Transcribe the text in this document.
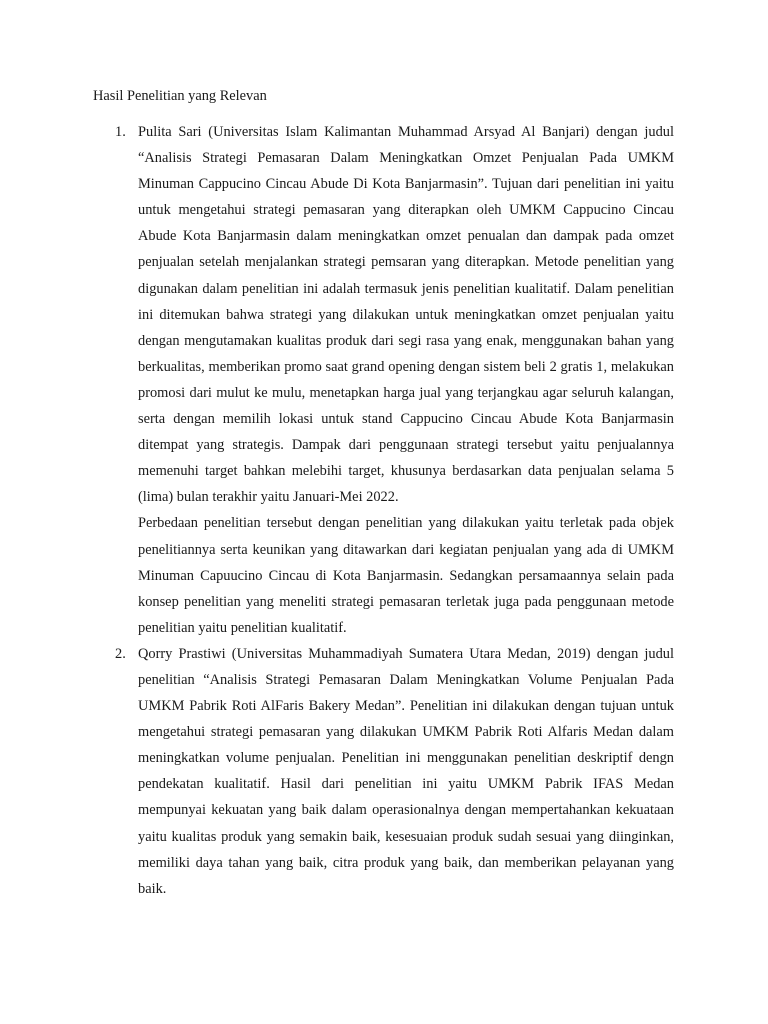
Hasil Penelitian yang Relevan

1. Pulita Sari (Universitas Islam Kalimantan Muhammad Arsyad Al Banjari) dengan judul “Analisis Strategi Pemasaran Dalam Meningkatkan Omzet Penjualan Pada UMKM Minuman Cappucino Cincau Abude Di Kota Banjarmasin”. Tujuan dari penelitian ini yaitu untuk mengetahui strategi pemasaran yang diterapkan oleh UMKM Cappucino Cincau Abude Kota Banjarmasin dalam meningkatkan omzet penualan dan dampak pada omzet penjualan setelah menjalankan strategi pemsaran yang diterapkan. Metode penelitian yang digunakan dalam penelitian ini adalah termasuk jenis penelitian kualitatif. Dalam penelitian ini ditemukan bahwa strategi yang dilakukan untuk meningkatkan omzet penjualan yaitu dengan mengutamakan kualitas produk dari segi rasa yang enak, menggunakan bahan yang berkualitas, memberikan promo saat grand opening dengan sistem beli 2 gratis 1, melakukan promosi dari mulut ke mulu, menetapkan harga jual yang terjangkau agar seluruh kalangan, serta dengan memilih lokasi untuk stand Cappucino Cincau Abude Kota Banjarmasin ditempat yang strategis. Dampak dari penggunaan strategi tersebut yaitu penjualannya memenuhi target bahkan melebihi target, khusunya berdasarkan data penjualan selama 5 (lima) bulan terakhir yaitu Januari-Mei 2022.

Perbedaan penelitian tersebut dengan penelitian yang dilakukan yaitu terletak pada objek penelitiannya serta keunikan yang ditawarkan dari kegiatan penjualan yang ada di UMKM Minuman Capuucino Cincau di Kota Banjarmasin. Sedangkan persamaannya selain pada konsep penelitian yang meneliti strategi pemasaran terletak juga pada penggunaan metode penelitian yaitu penelitian kualitatif.

2. Qorry Prastiwi (Universitas Muhammadiyah Sumatera Utara Medan, 2019) dengan judul penelitian “Analisis Strategi Pemasaran Dalam Meningkatkan Volume Penjualan Pada UMKM Pabrik Roti AlFaris Bakery Medan”. Penelitian ini dilakukan dengan tujuan untuk mengetahui strategi pemasaran yang dilakukan UMKM Pabrik Roti Alfaris Medan dalam meningkatkan volume penjualan. Penelitian ini menggunakan penelitian deskriptif dengn pendekatan kualitatif. Hasil dari penelitian ini yaitu UMKM Pabrik IFAS Medan mempunyai kekuatan yang baik dalam operasionalnya dengan mempertahankan kekuataan yaitu kualitas produk yang semakin baik, kesesuaian produk sudah sesuai yang diinginkan, memiliki daya tahan yang baik, citra produk yang baik, dan memberikan pelayanan yang baik.
